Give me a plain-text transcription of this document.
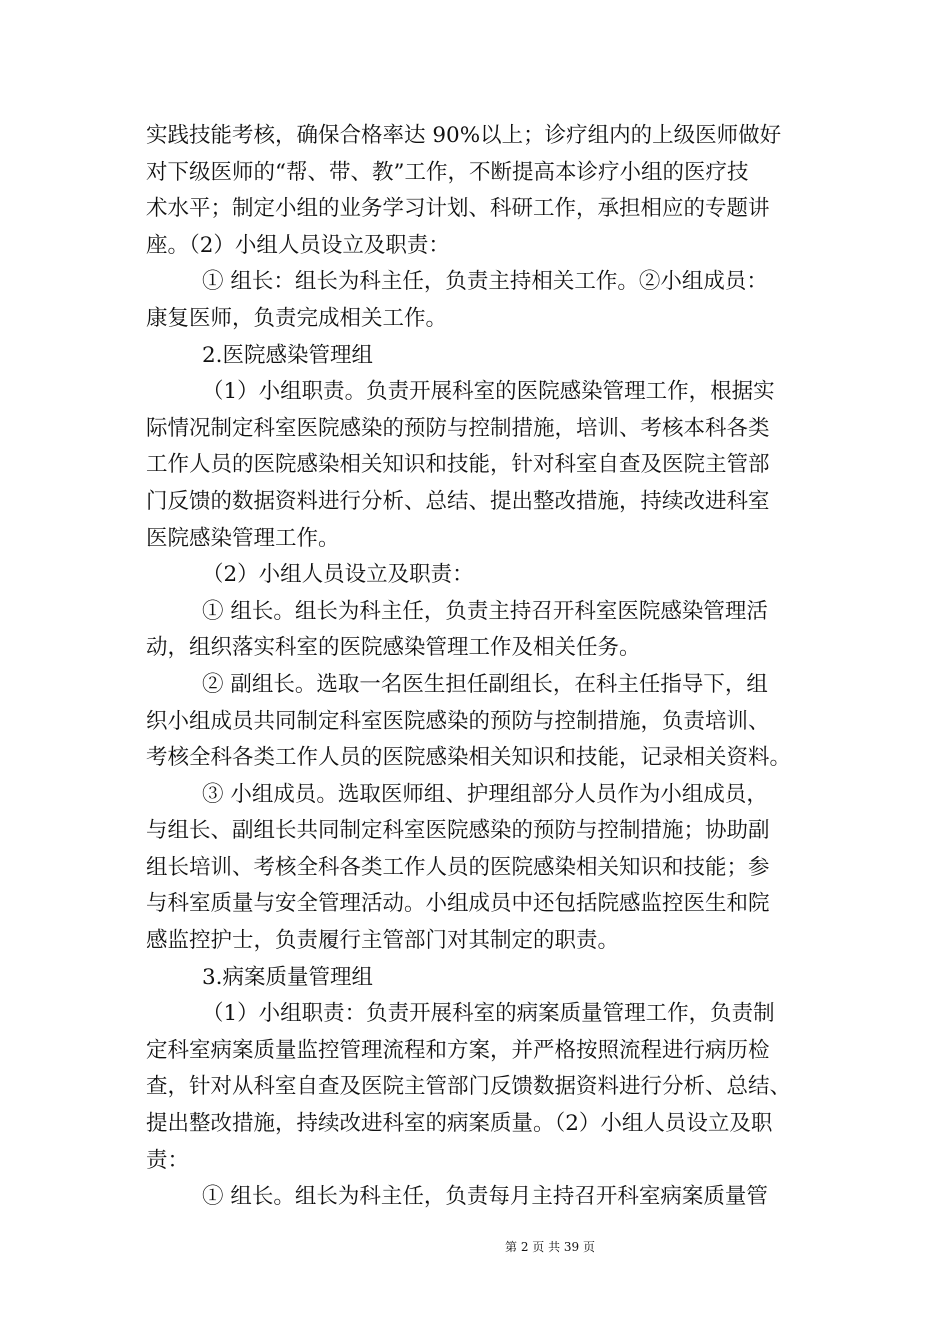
实践技能考核，确保合格率达 90%以上；诊疗组内的上级医师做好
对下级医师的“帮、带、教”工作，不断提高本诊疗小组的医疗技
术水平；制定小组的业务学习计划、科研工作，承担相应的专题讲
座。（2）小组人员设立及职责：
① 组长：组长为科主任，负责主持相关工作。②小组成员：
康复医师，负责完成相关工作。
2.医院感染管理组
（1）小组职责。负责开展科室的医院感染管理工作，根据实
际情况制定科室医院感染的预防与控制措施，培训、考核本科各类
工作人员的医院感染相关知识和技能，针对科室自查及医院主管部
门反馈的数据资料进行分析、总结、提出整改措施，持续改进科室
医院感染管理工作。
（2）小组人员设立及职责：
① 组长。组长为科主任，负责主持召开科室医院感染管理活
动，组织落实科室的医院感染管理工作及相关任务。
② 副组长。选取一名医生担任副组长，在科主任指导下，组
织小组成员共同制定科室医院感染的预防与控制措施，负责培训、
考核全科各类工作人员的医院感染相关知识和技能，记录相关资料。
③ 小组成员。选取医师组、护理组部分人员作为小组成员，
与组长、副组长共同制定科室医院感染的预防与控制措施；协助副
组长培训、考核全科各类工作人员的医院感染相关知识和技能；参
与科室质量与安全管理活动。小组成员中还包括院感监控医生和院
感监控护士，负责履行主管部门对其制定的职责。
3.病案质量管理组
（1）小组职责：负责开展科室的病案质量管理工作，负责制
定科室病案质量监控管理流程和方案，并严格按照流程进行病历检
查，针对从科室自查及医院主管部门反馈数据资料进行分析、总结、
提出整改措施，持续改进科室的病案质量。（2）小组人员设立及职
责：
① 组长。组长为科主任，负责每月主持召开科室病案质量管
第 2 页 共 39 页
